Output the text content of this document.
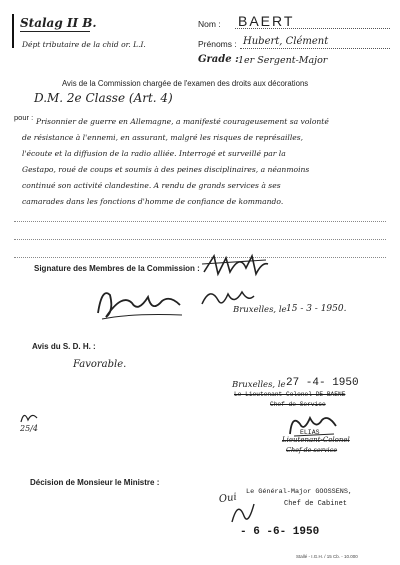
Stalag II B.
Dépt tributaire de la chid or. L.I.
Nom : BAERT
Prénoms : Hubert, Clément
Grade : 1er Sergent-Major
Avis de la Commission chargée de l'examen des droits aux décorations
D.M. 2e Classe (Art. 4)
pour : Prisonnier de guerre en Allemagne, a manifesté courageusement sa volonté
de résistance à l'ennemi, en assurant, malgré les risques de représailles,
l'écoute et la diffusion de la radio alliée. Interrogé et surveillé par la
Gestapo, roué de coups et soumis à des peines disciplinaires, a néanmoins
continué son activité clandestine. A rendu de grands services à ses
camarades dans les fonctions d'homme de confiance de kommando.
Signature des Membres de la Commission :
Bruxelles, le 15 - 3 - 1950.
Avis du S. D. H. :
Favorable.
Bruxelles, le 27 -4- 1950
Le Lieutenant-Colonel DE BAENE
Chef de Service
25/4	ELIAS
Lieutenant-Colonel
Chef de service
Décision de Monsieur le Ministre :
Oui Le Général-Major GOOSSENS,
Chef de Cabinet
- 6 -6- 1950
Stallé - I.G.H. / 15 Cb. - 10.000
